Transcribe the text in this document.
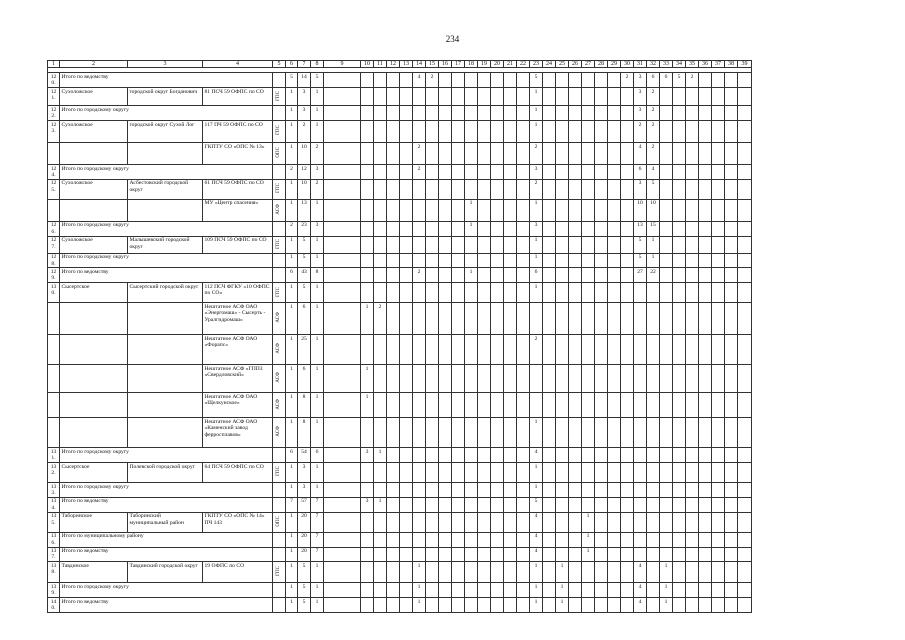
234
1	2	3	4	5	6	7	8	9	10	11	12	13	14	15	16	17	18	19	20	21	22	23	24	25	26	27	28	29	30	31	32	33	34	35	36	37	38	39

120.	Итого по ведомству				5	14	5						4	2								5							2	3	6	6	5	2				
121.	Сухоложское	городской округ Богданович	81 ПСЧ 59 ОФПС по СО	ГПС	1	3	1															1								3	2							
122.	Итого по городскому округу				1	3	1															1								3	2							
123.	Сухоложское	городской округ Сухой Лог	117 ПЧ 59 ОФПС по СО	ГПС	1	2	1															1								2	2							
			ГКПТУ СО «ОПС № 13»	ОПС	1	10	2						2									2								4	2							
124.	Итого по городскому округу				2	12	3						2									3								6	4							
125.	Сухоложское	Асбестовский городской округ	61 ПСЧ 59 ОФПС по СО	ГПС	1	10	2															2								3	5							
			МУ «Центр спасения»	АСФ	1	13	1										1					1								10	10							
126.	Итого по городскому округу				2	23	3										1					3								13	15							
127.	Сухоложское	Малышевский городской округ	109 ПСЧ 59 ОФПС по СО	ГПС	1	5	1															1								5	1							
128.	Итого по городскому округу				1	5	1															1								5	1							
129.	Итого по ведомству				6	43	8						2				1					6								27	22							
130.	Сысертское	Сысертский городской округ	112 ПСЧ ФГКУ «10 ОФПС по СО»	ГПС	1	5	1															1																
			Нештатное АСФ ОАО «Энергомаш» - Сысерть - Уралгидромаш»	АСФ	1	6	1		1	2																												
			Нештатное АСФ ОАО «Форапс»	АСФ	1	25	1															2																
			Нештатное АСФ «ГППЗ «Свердловский»	АСФ	1	6	1		1																													
			Нештатное АСФ ОАО «Щелкунское»	АСФ	1	8	1		1																													
			Нештатное АСФ ОАО «Каменский завод ферросплавов»	АСФ	1	8	1															1																
131.	Итого по городскому округу				6	54	6		3	1												4																
132.	Сысертское	Полевской городской округ	64 ПСЧ 59 ОФПС по СО	ГПС	1	3	1															1																
133.	Итого по городскому округу				1	3	1															1																
134.	Итого по ведомству				7	57	7		3	1												5																
135.	Таборинское	Таборинский муниципальный район	ГКПТУ СО «ОПС № 14» ПЧ 143	ОПС	1	20	7															4				1												
136.	Итого по муниципальному району				1	20	7															4				1												
137.	Итого по ведомству				1	20	7															4				1												
138.	Тавдинское	Тавдинский городской округ	19 ОФПС по СО	ГПС	1	5	1						1									1		1						4		1						
139.	Итого по городскому округу				1	5	1						1									1		1						4		1						
140.	Итого по ведомству				1	5	1						1									1		1						4		1						
